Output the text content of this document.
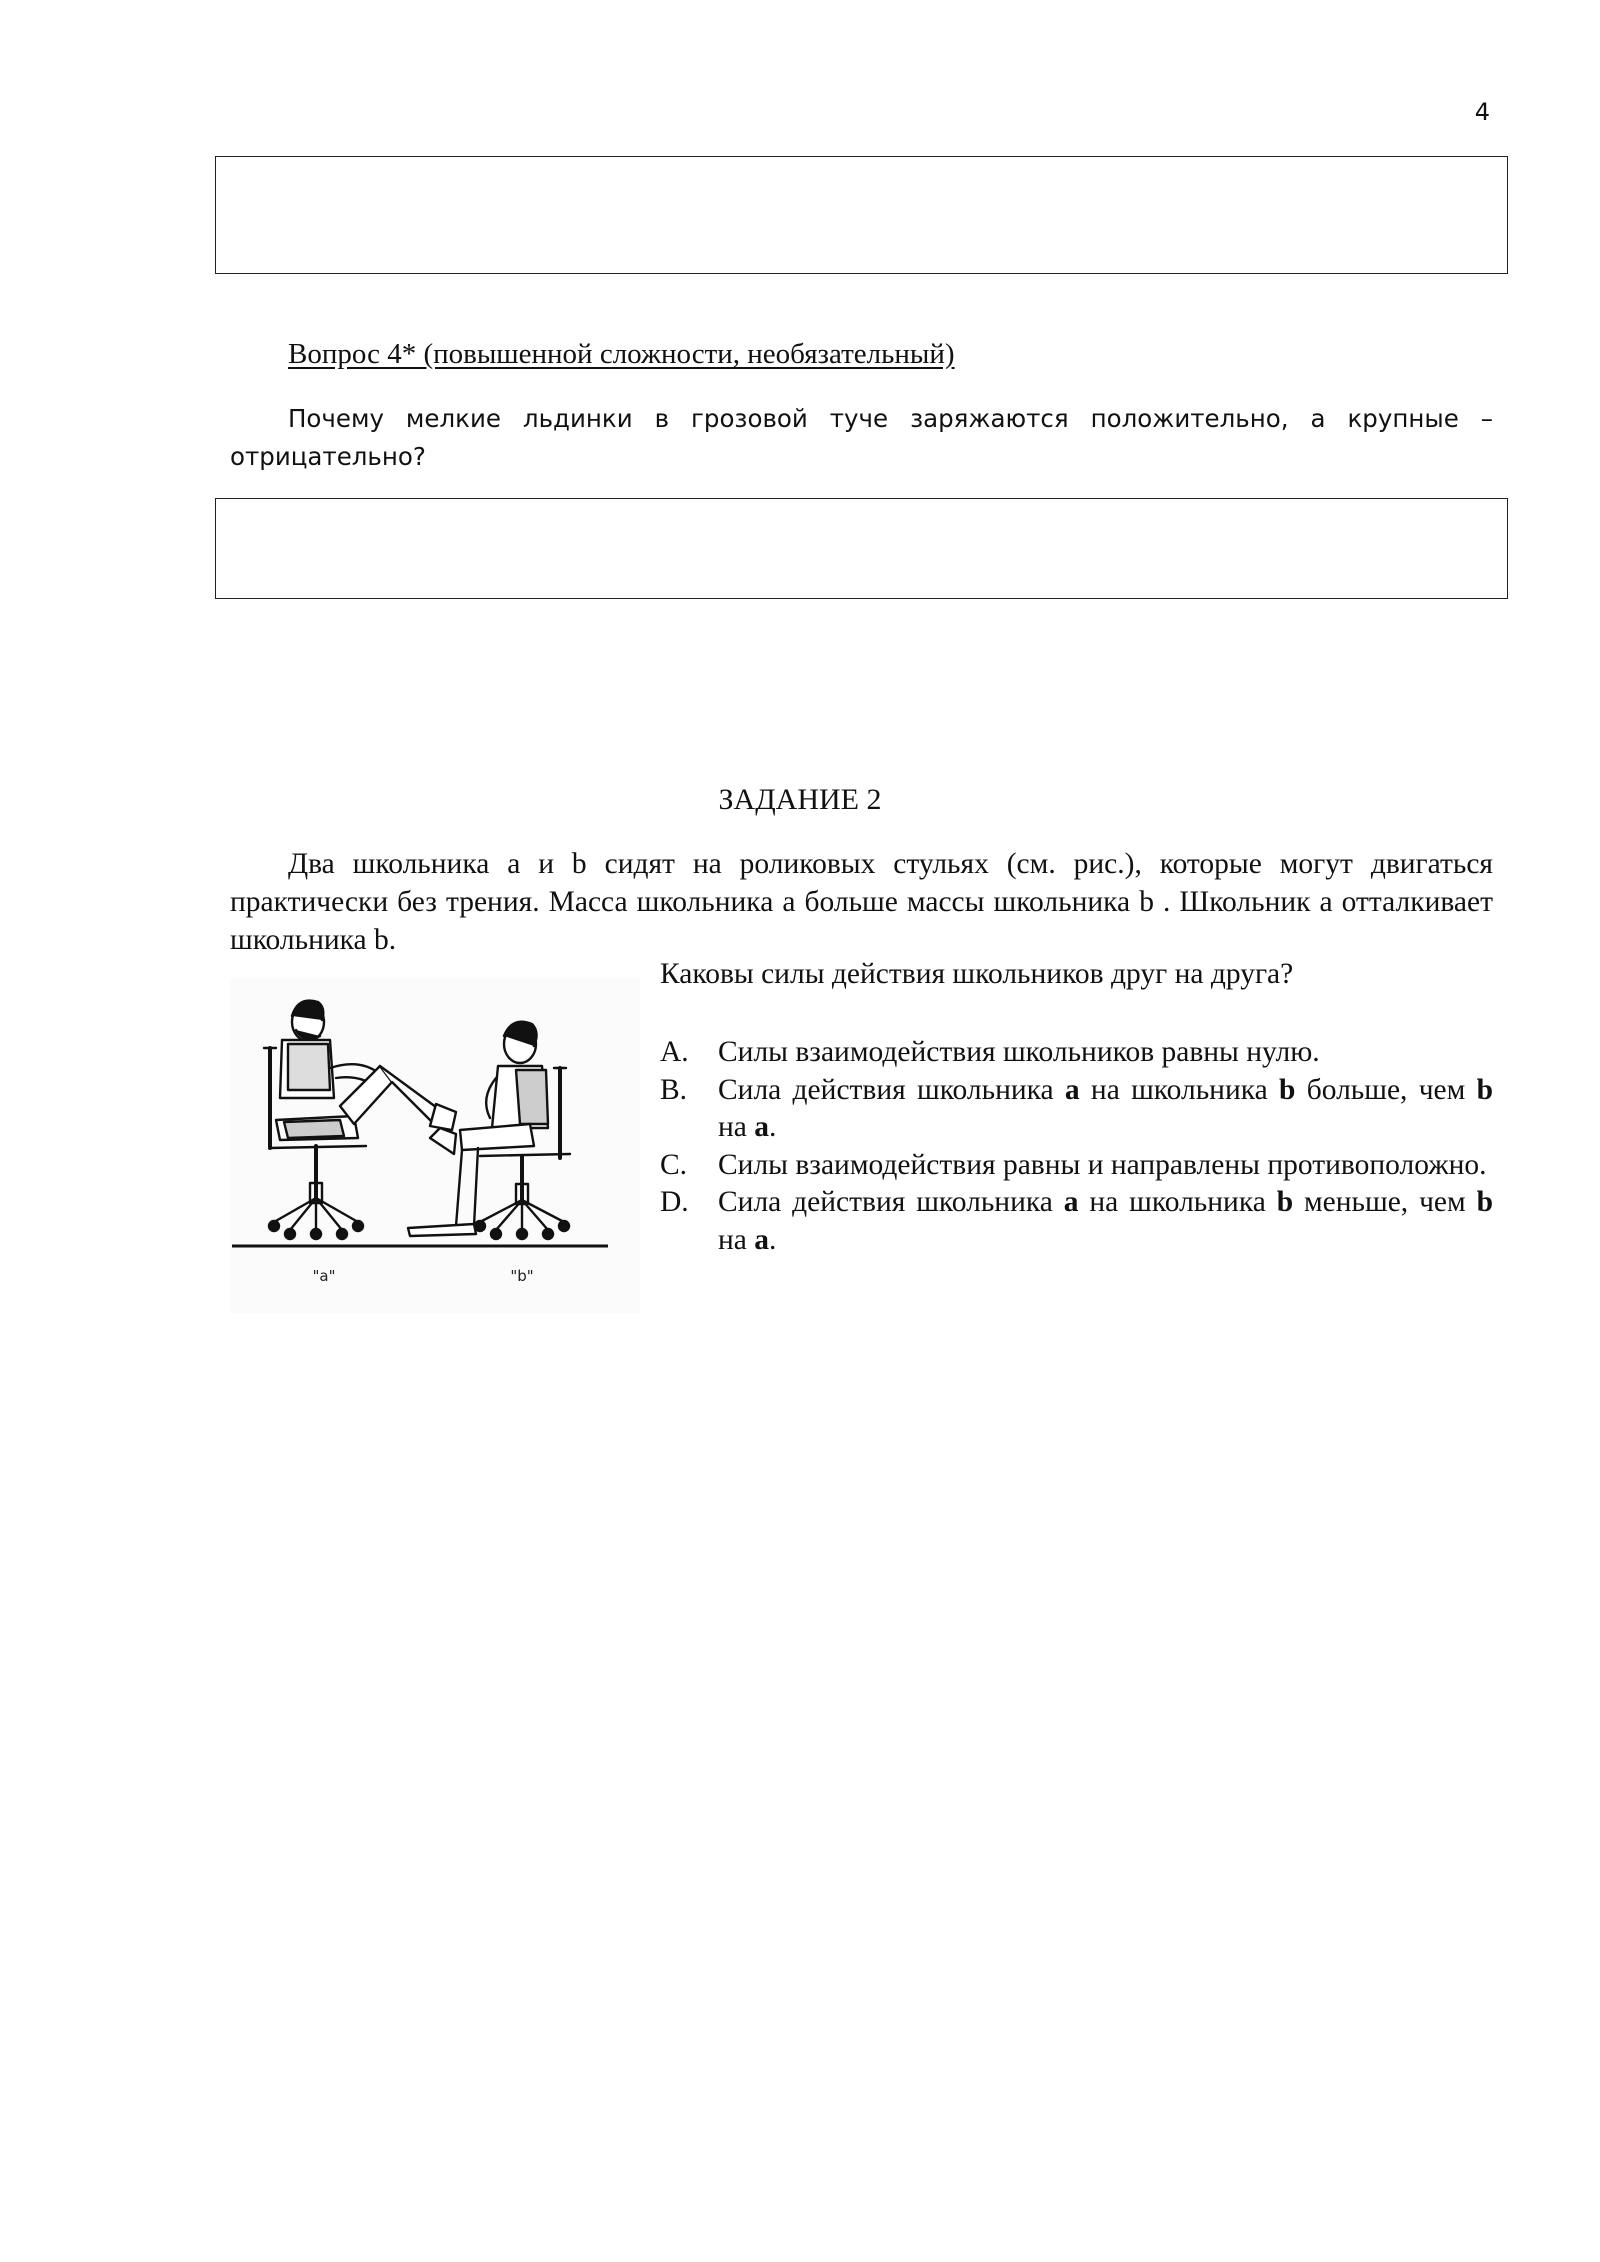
4
Вопрос 4* (повышенной сложности, необязательный)
Почему мелкие льдинки в грозовой туче заряжаются положительно, а крупные – отрицательно?
ЗАДАНИЕ 2
Два школьника a и b сидят на роликовых стульях (см. рис.), которые могут двигаться практически без трения. Масса школьника a больше массы школьника b . Школьник a отталкивает школьника b.
Каковы силы действия школьников друг на друга?
A. Силы взаимодействия школьников равны нулю.
B.	Сила действия школьника a на школьника b больше, чем b на a.
C.	Силы взаимодействия равны и направлены противоположно.
D. Сила действия школьника a на школьника b меньше, чем b на a.
"a"	"b"
